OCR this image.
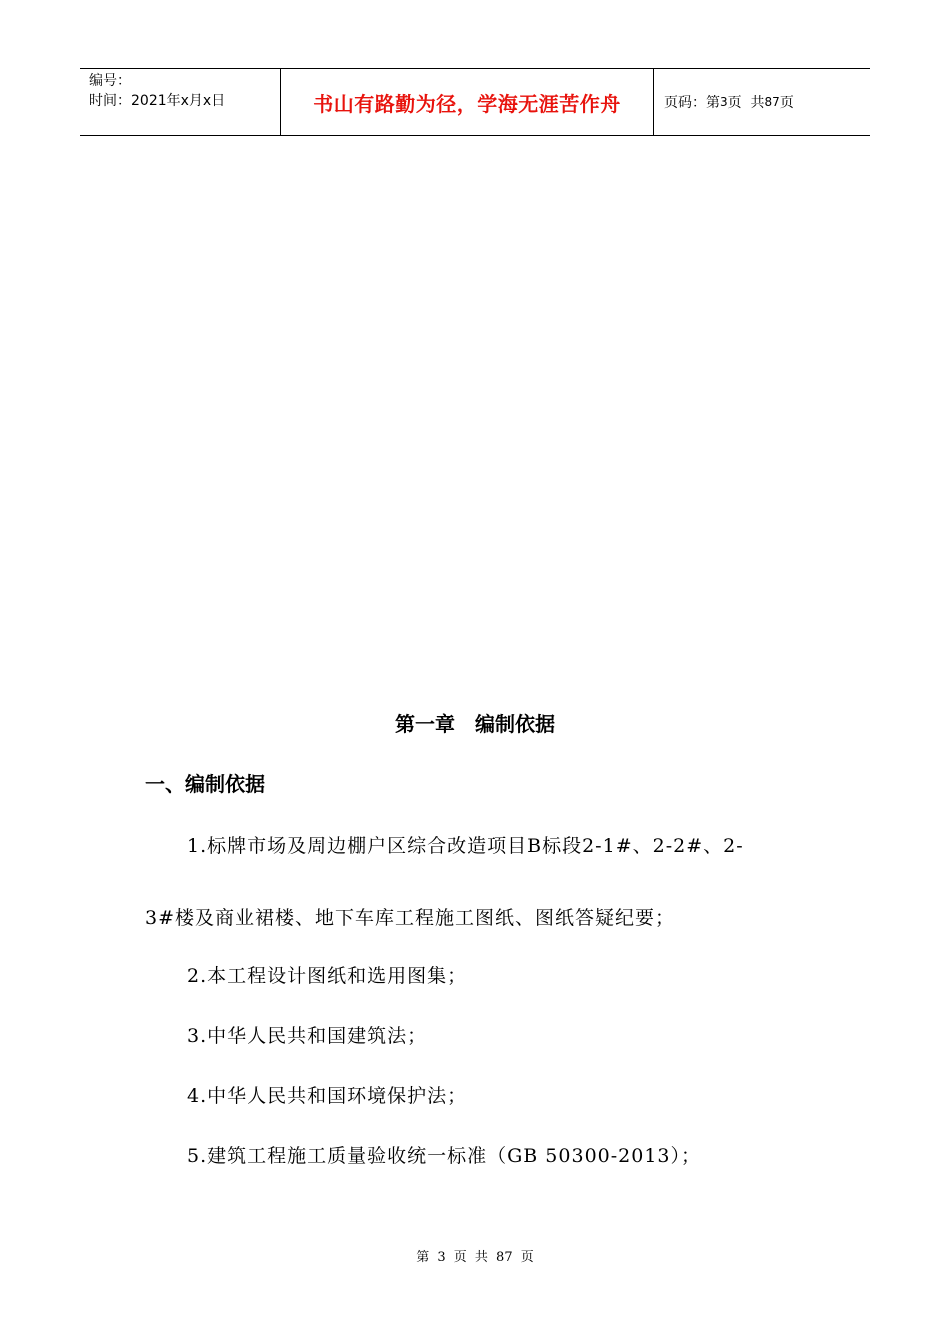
编号：
时间：2021年x月x日	书山有路勤为径，学海无涯苦作舟	页码：第 3 页  共 87 页
第一章　编制依据
一、编制依据
1.标牌市场及周边棚户区综合改造项目B标段2-1#、2-2#、2-
3#楼及商业裙楼、地下车库工程施工图纸、图纸答疑纪要；
2.本工程设计图纸和选用图集；
3.中华人民共和国建筑法；
4.中华人民共和国环境保护法；
5.建筑工程施工质量验收统一标准（GB 50300-2013）；
第 3 页 共 87 页
